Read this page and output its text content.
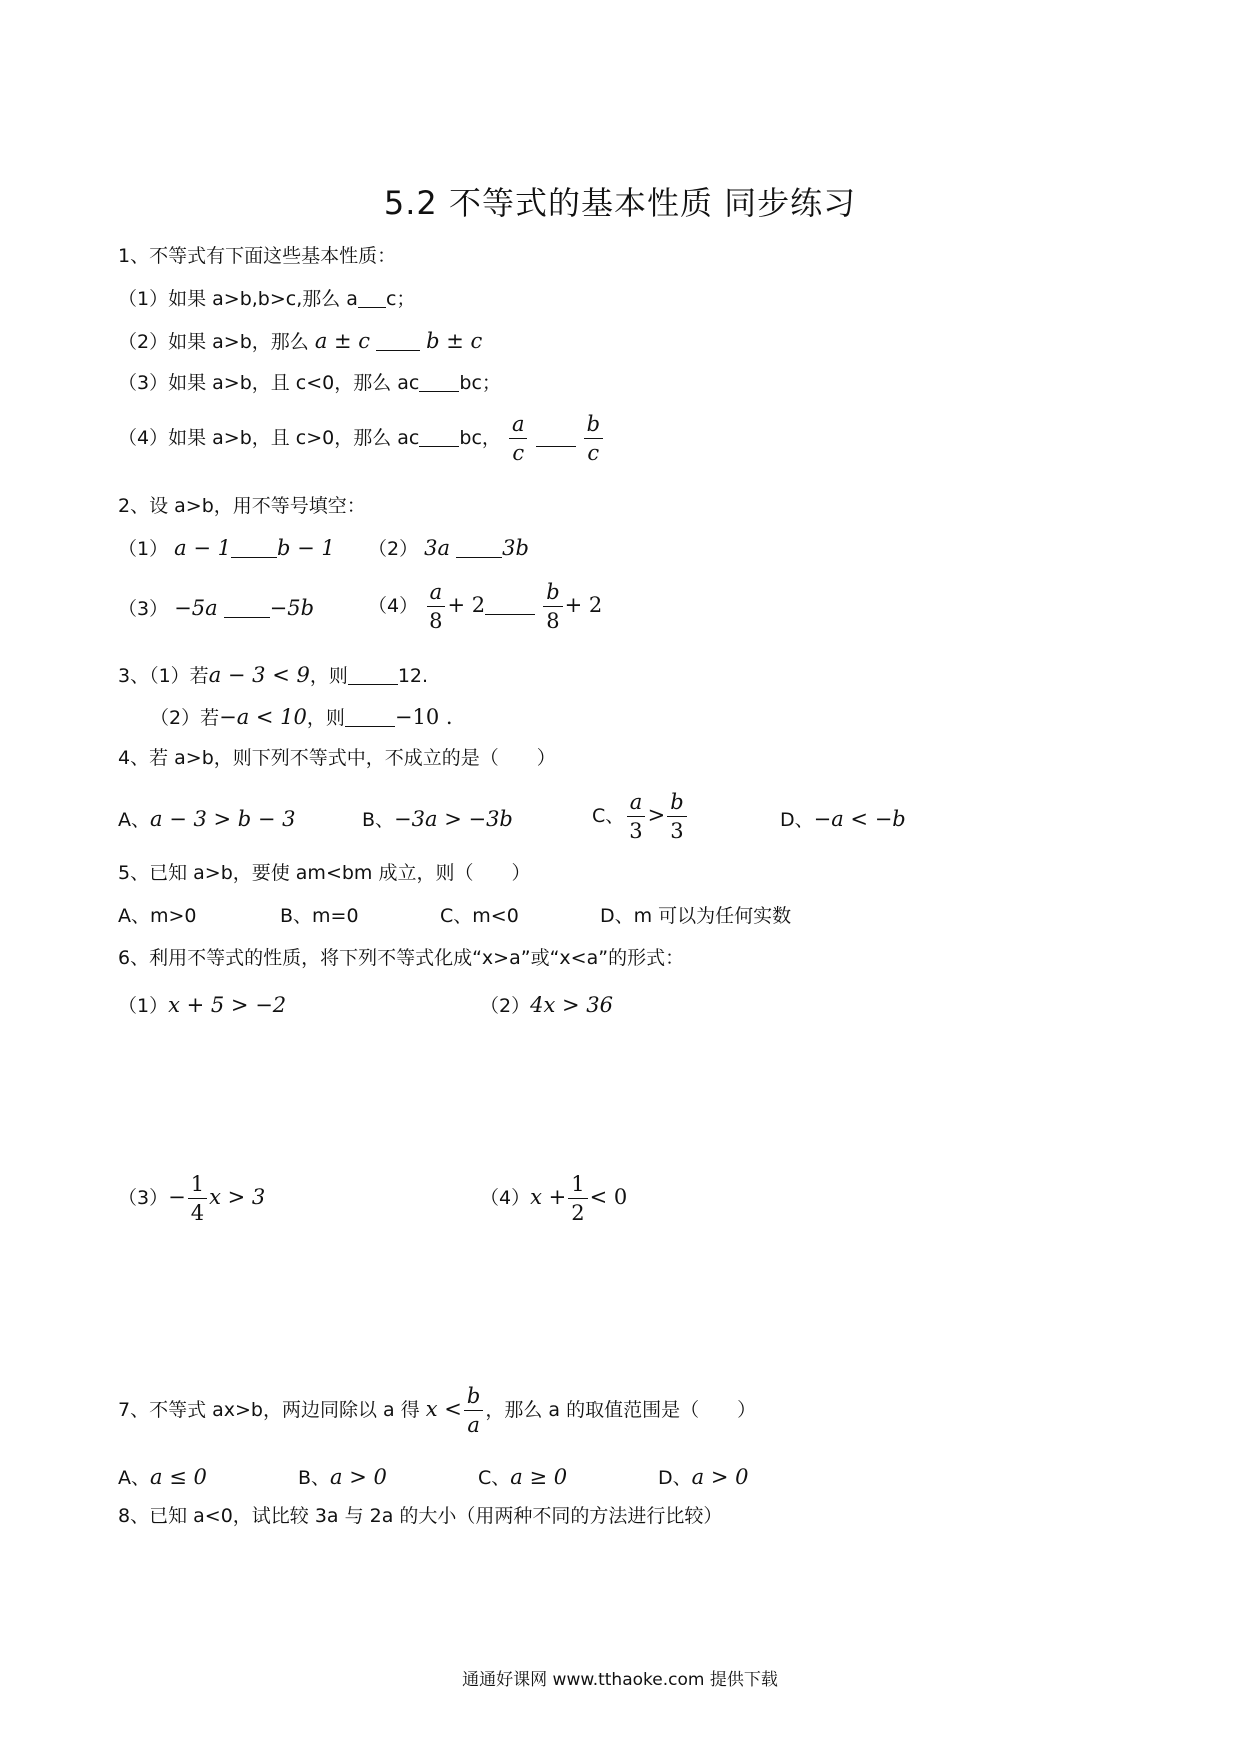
5.2 不等式的基本性质 同步练习
1、不等式有下面这些基本性质：
（1）如果 a>b,b>c,那么 a c；
（2）如果 a>b，那么 a ± c	b ± c
（3）如果 a>b，且 c<0，那么 ac bc；
（4）如果 a>b，且 c>0，那么 ac bc， $\frac{a}{c}$
	$\frac{b}{c}$
2、设 a>b，用不等号填空：
（1） a − 1 b − 1 （2） 3a 3b
（3） −5a −5b	$(4) \frac{a}{8} + 2$	$\frac{b}{8} + 2$
3、（1）若a − 3 < 9，则	12.
（2）若−a < 10，则 −10 .
4、若 a>b，则下列不等式中，不成立的是（　　）
A、a − 3 > b − 3	B、−3a > −3b	C、 $\frac{a}{3} > \frac{b}{3}$	D、−a < −b
5、已知 a>b，要使 am<bm 成立，则（　　）
A、m>0	B、m=0	C、m<0	D、m 可以为任何实数
6、利用不等式的性质，将下列不等式化成“x>a”或“x<a”的形式：
（1）x + 5 > −2	（2）4x > 36
$(3)- \frac{1}{4}$ x > 3	$(4)x + \frac{1}{2} < 0$
7、不等式 ax>b，两边同除以 a 得 $x < \frac{b}{a}$ ，那么 a 的取值范围是（　　）
A、a ≤ 0	B、a > 0	C、a ≥ 0	D、a > 0
8、已知 a<0，试比较 3a 与 2a 的大小（用两种不同的方法进行比较）
通通好课网 www.tthaoke.com 提供下载
